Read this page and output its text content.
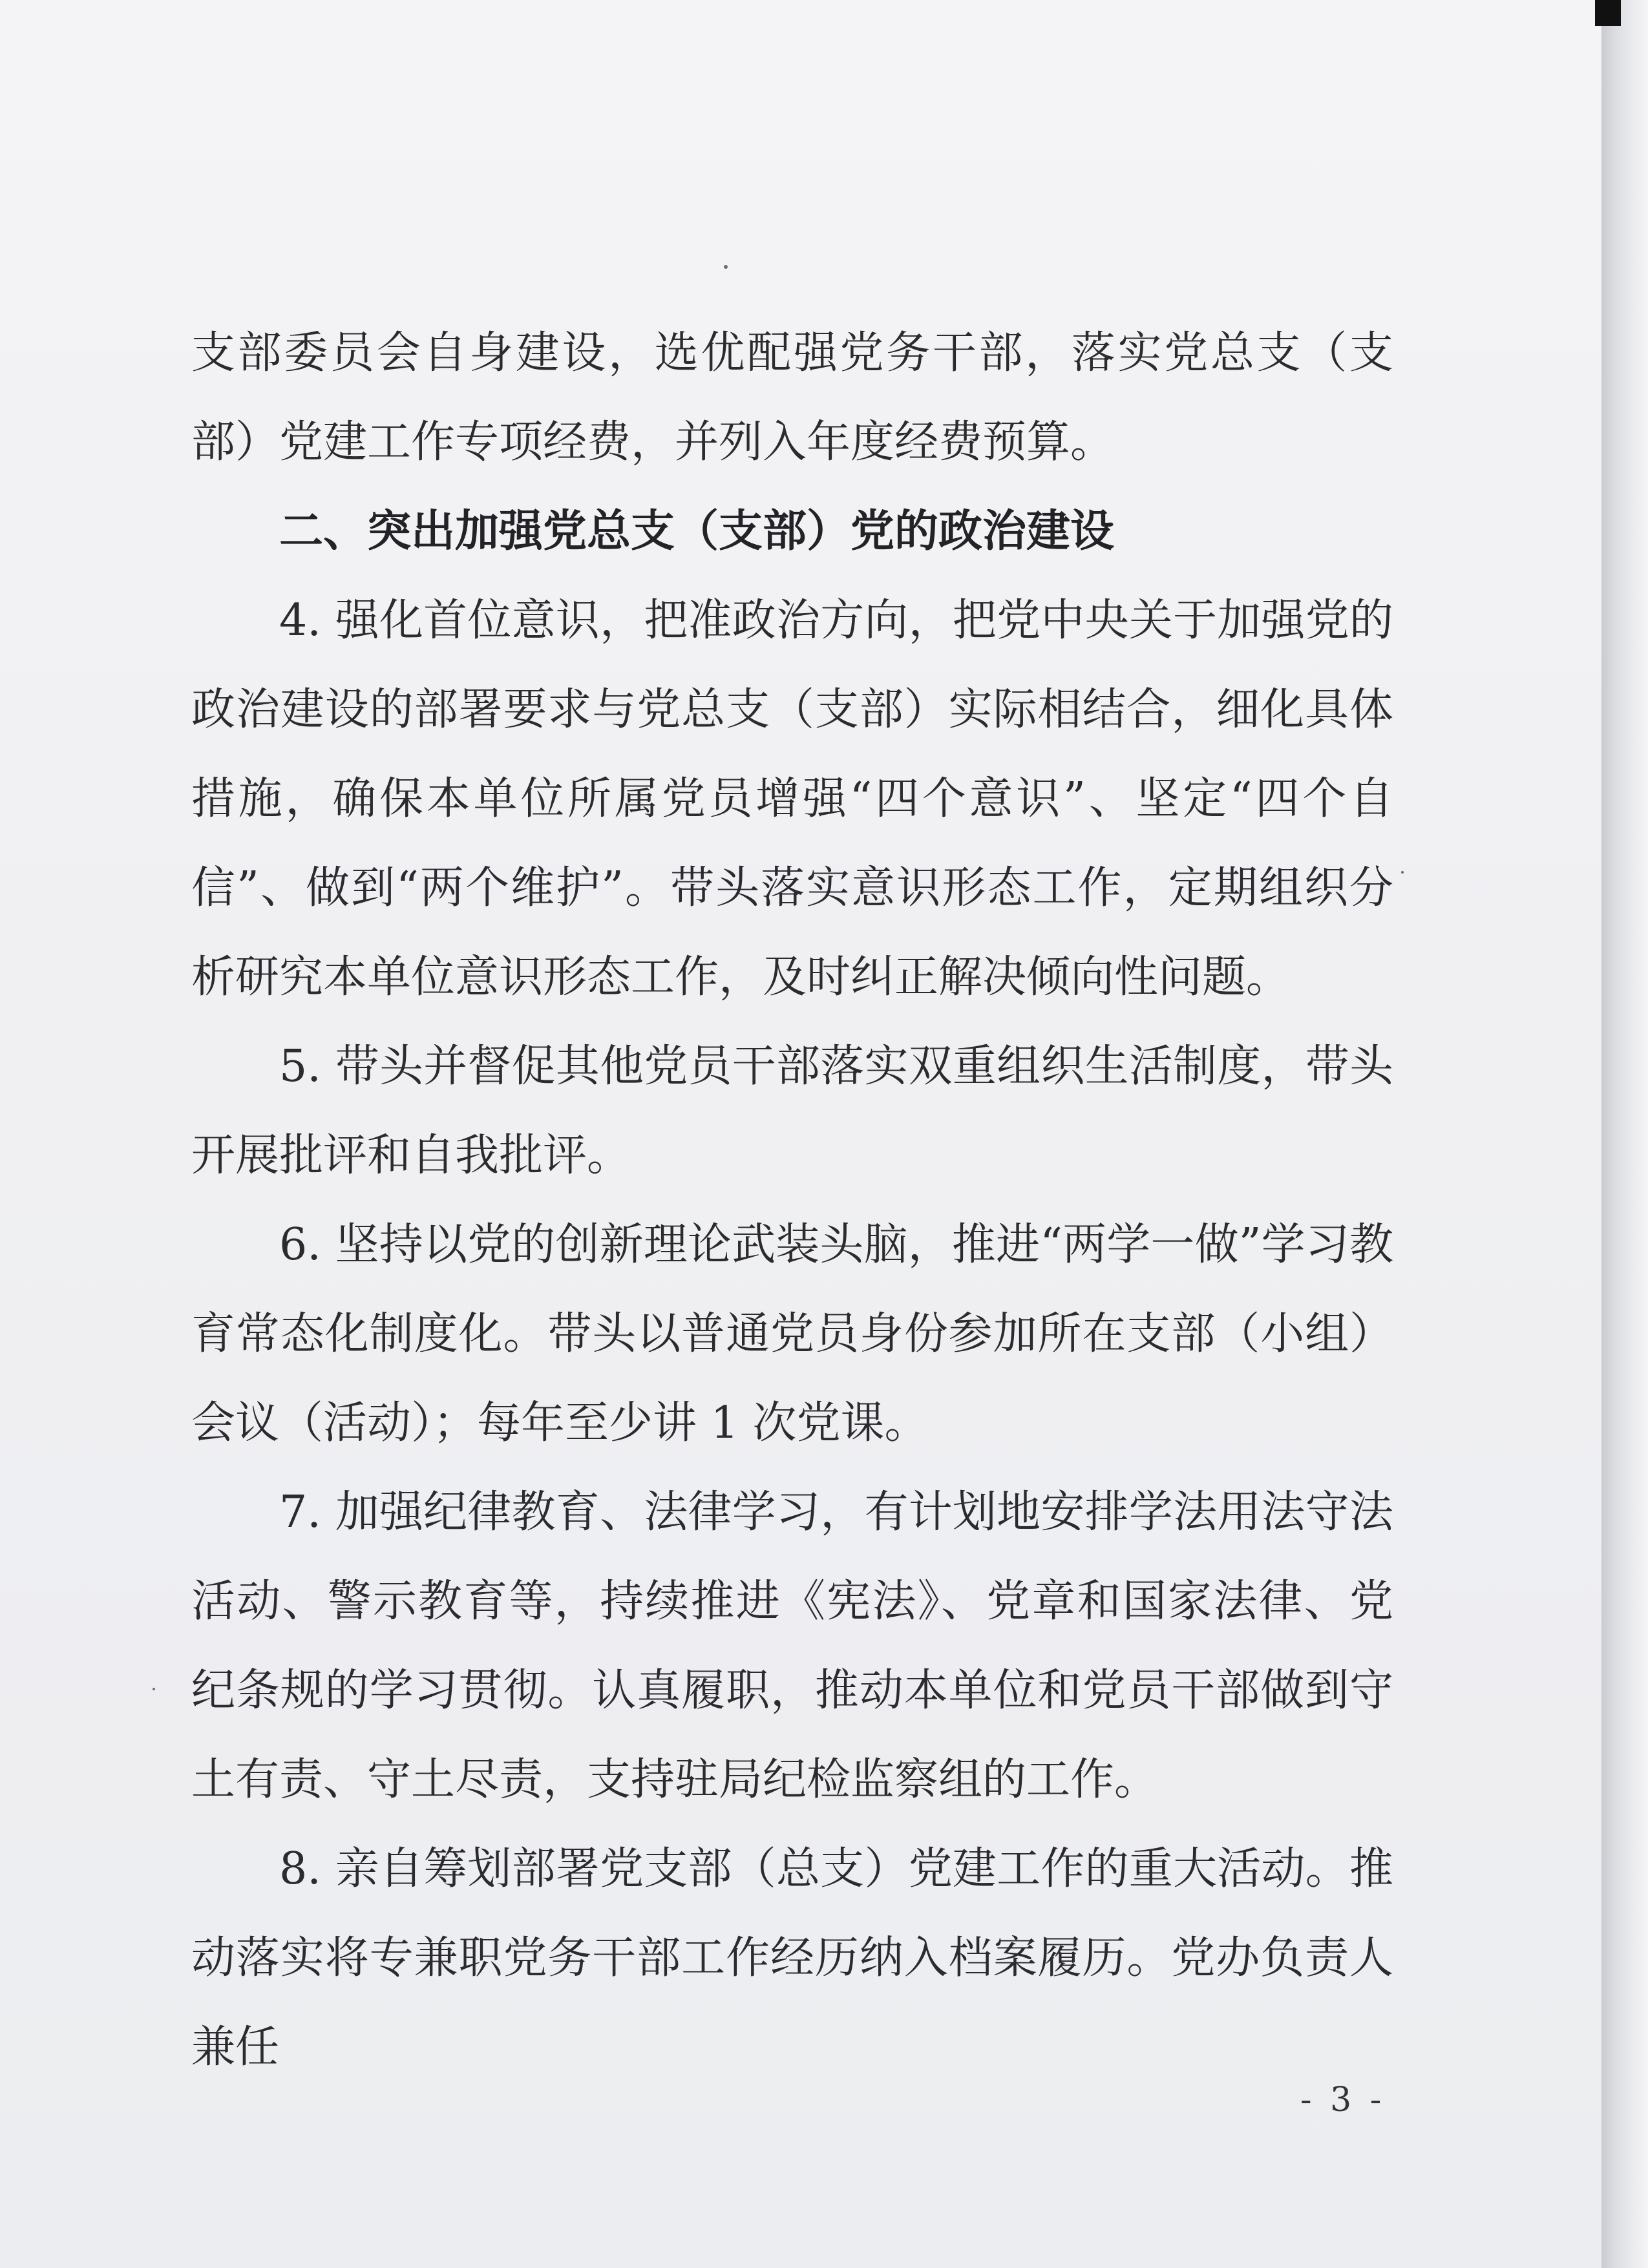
支部委员会自身建设，选优配强党务干部，落实党总支（支部）党建工作专项经费，并列入年度经费预算。

二、突出加强党总支（支部）党的政治建设

4. 强化首位意识，把准政治方向，把党中央关于加强党的政治建设的部署要求与党总支（支部）实际相结合，细化具体措施，确保本单位所属党员增强“四个意识”、坚定“四个自信”、做到“两个维护”。带头落实意识形态工作，定期组织分析研究本单位意识形态工作，及时纠正解决倾向性问题。

5. 带头并督促其他党员干部落实双重组织生活制度，带头开展批评和自我批评。

6. 坚持以党的创新理论武装头脑，推进“两学一做”学习教育常态化制度化。带头以普通党员身份参加所在支部（小组）会议（活动）；每年至少讲 1 次党课。

7. 加强纪律教育、法律学习，有计划地安排学法用法守法活动、警示教育等，持续推进《宪法》、党章和国家法律、党纪条规的学习贯彻。认真履职，推动本单位和党员干部做到守土有责、守土尽责，支持驻局纪检监察组的工作。

8. 亲自筹划部署党支部（总支）党建工作的重大活动。推动落实将专兼职党务干部工作经历纳入档案履历。党办负责人兼任

- 3 -
